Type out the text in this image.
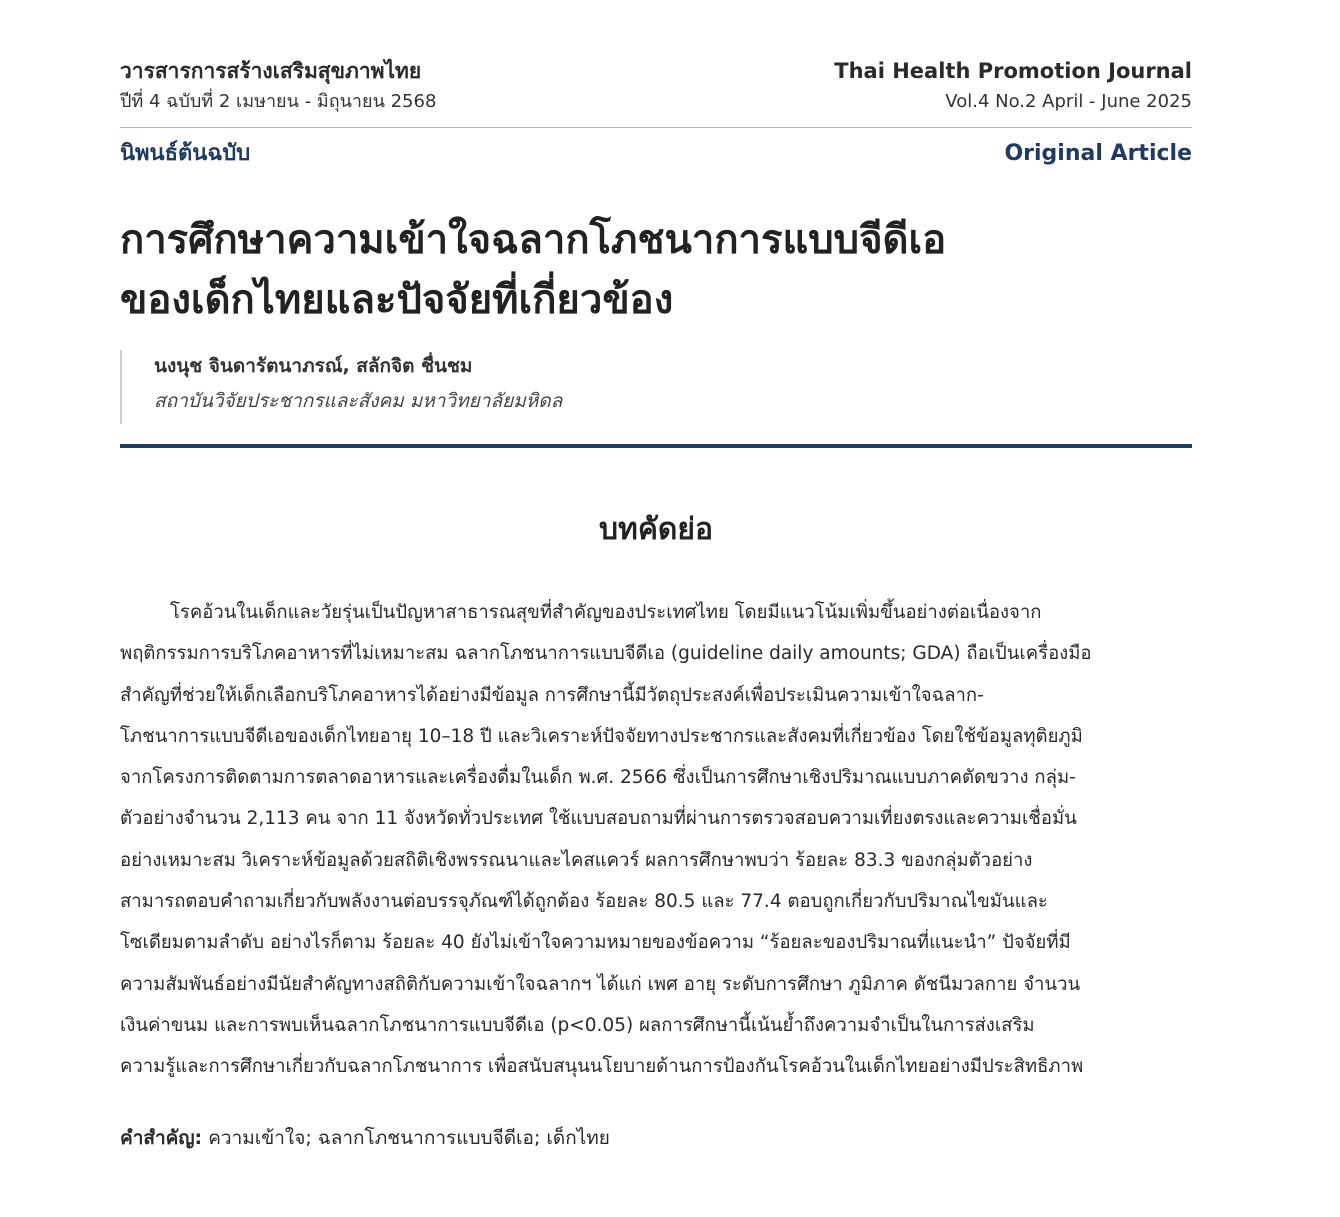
วารสารการสร้างเสริมสุขภาพไทย
ปีที่ 4 ฉบับที่ 2 เมษายน - มิถุนายน 2568
Thai Health Promotion Journal
Vol.4 No.2 April - June 2025
นิพนธ์ต้นฉบับ	Original Article
การศึกษาความเข้าใจฉลากโภชนาการแบบจีดีเอ
ของเด็กไทยและปัจจัยที่เกี่ยวข้อง
นงนุช จินดารัตนาภรณ์, สลักจิต ชื่นชม
สถาบันวิจัยประชากรและสังคม มหาวิทยาลัยมหิดล
บทคัดย่อ
โรคอ้วนในเด็กและวัยรุ่นเป็นปัญหาสาธารณสุขที่สำคัญของประเทศไทย โดยมีแนวโน้มเพิ่มขึ้นอย่างต่อเนื่องจาก
พฤติกรรมการบริโภคอาหารที่ไม่เหมาะสม ฉลากโภชนาการแบบจีดีเอ (guideline daily amounts; GDA) ถือเป็นเครื่องมือ
สำคัญที่ช่วยให้เด็กเลือกบริโภคอาหารได้อย่างมีข้อมูล การศึกษานี้มีวัตถุประสงค์เพื่อประเมินความเข้าใจฉลาก-
โภชนาการแบบจีดีเอของเด็กไทยอายุ 10–18 ปี และวิเคราะห์ปัจจัยทางประชากรและสังคมที่เกี่ยวข้อง โดยใช้ข้อมูลทุติยภูมิ
จากโครงการติดตามการตลาดอาหารและเครื่องดื่มในเด็ก พ.ศ. 2566 ซึ่งเป็นการศึกษาเชิงปริมาณแบบภาคตัดขวาง กลุ่ม-
ตัวอย่างจำนวน 2,113 คน จาก 11 จังหวัดทั่วประเทศ ใช้แบบสอบถามที่ผ่านการตรวจสอบความเที่ยงตรงและความเชื่อมั่น
อย่างเหมาะสม วิเคราะห์ข้อมูลด้วยสถิติเชิงพรรณนาและไคสแควร์ ผลการศึกษาพบว่า ร้อยละ 83.3 ของกลุ่มตัวอย่าง
สามารถตอบคำถามเกี่ยวกับพลังงานต่อบรรจุภัณฑ์ได้ถูกต้อง ร้อยละ 80.5 และ 77.4 ตอบถูกเกี่ยวกับปริมาณไขมันและ
โซเดียมตามลำดับ อย่างไรก็ตาม ร้อยละ 40 ยังไม่เข้าใจความหมายของข้อความ “ร้อยละของปริมาณที่แนะนำ” ปัจจัยที่มี
ความสัมพันธ์อย่างมีนัยสำคัญทางสถิติกับความเข้าใจฉลากฯ ได้แก่ เพศ อายุ ระดับการศึกษา ภูมิภาค ดัชนีมวลกาย จำนวน
เงินค่าขนม และการพบเห็นฉลากโภชนาการแบบจีดีเอ (p<0.05) ผลการศึกษานี้เน้นย้ำถึงความจำเป็นในการส่งเสริม
ความรู้และการศึกษาเกี่ยวกับฉลากโภชนาการ เพื่อสนับสนุนนโยบายด้านการป้องกันโรคอ้วนในเด็กไทยอย่างมีประสิทธิภาพ
คำสำคัญ: ความเข้าใจ; ฉลากโภชนาการแบบจีดีเอ; เด็กไทย
